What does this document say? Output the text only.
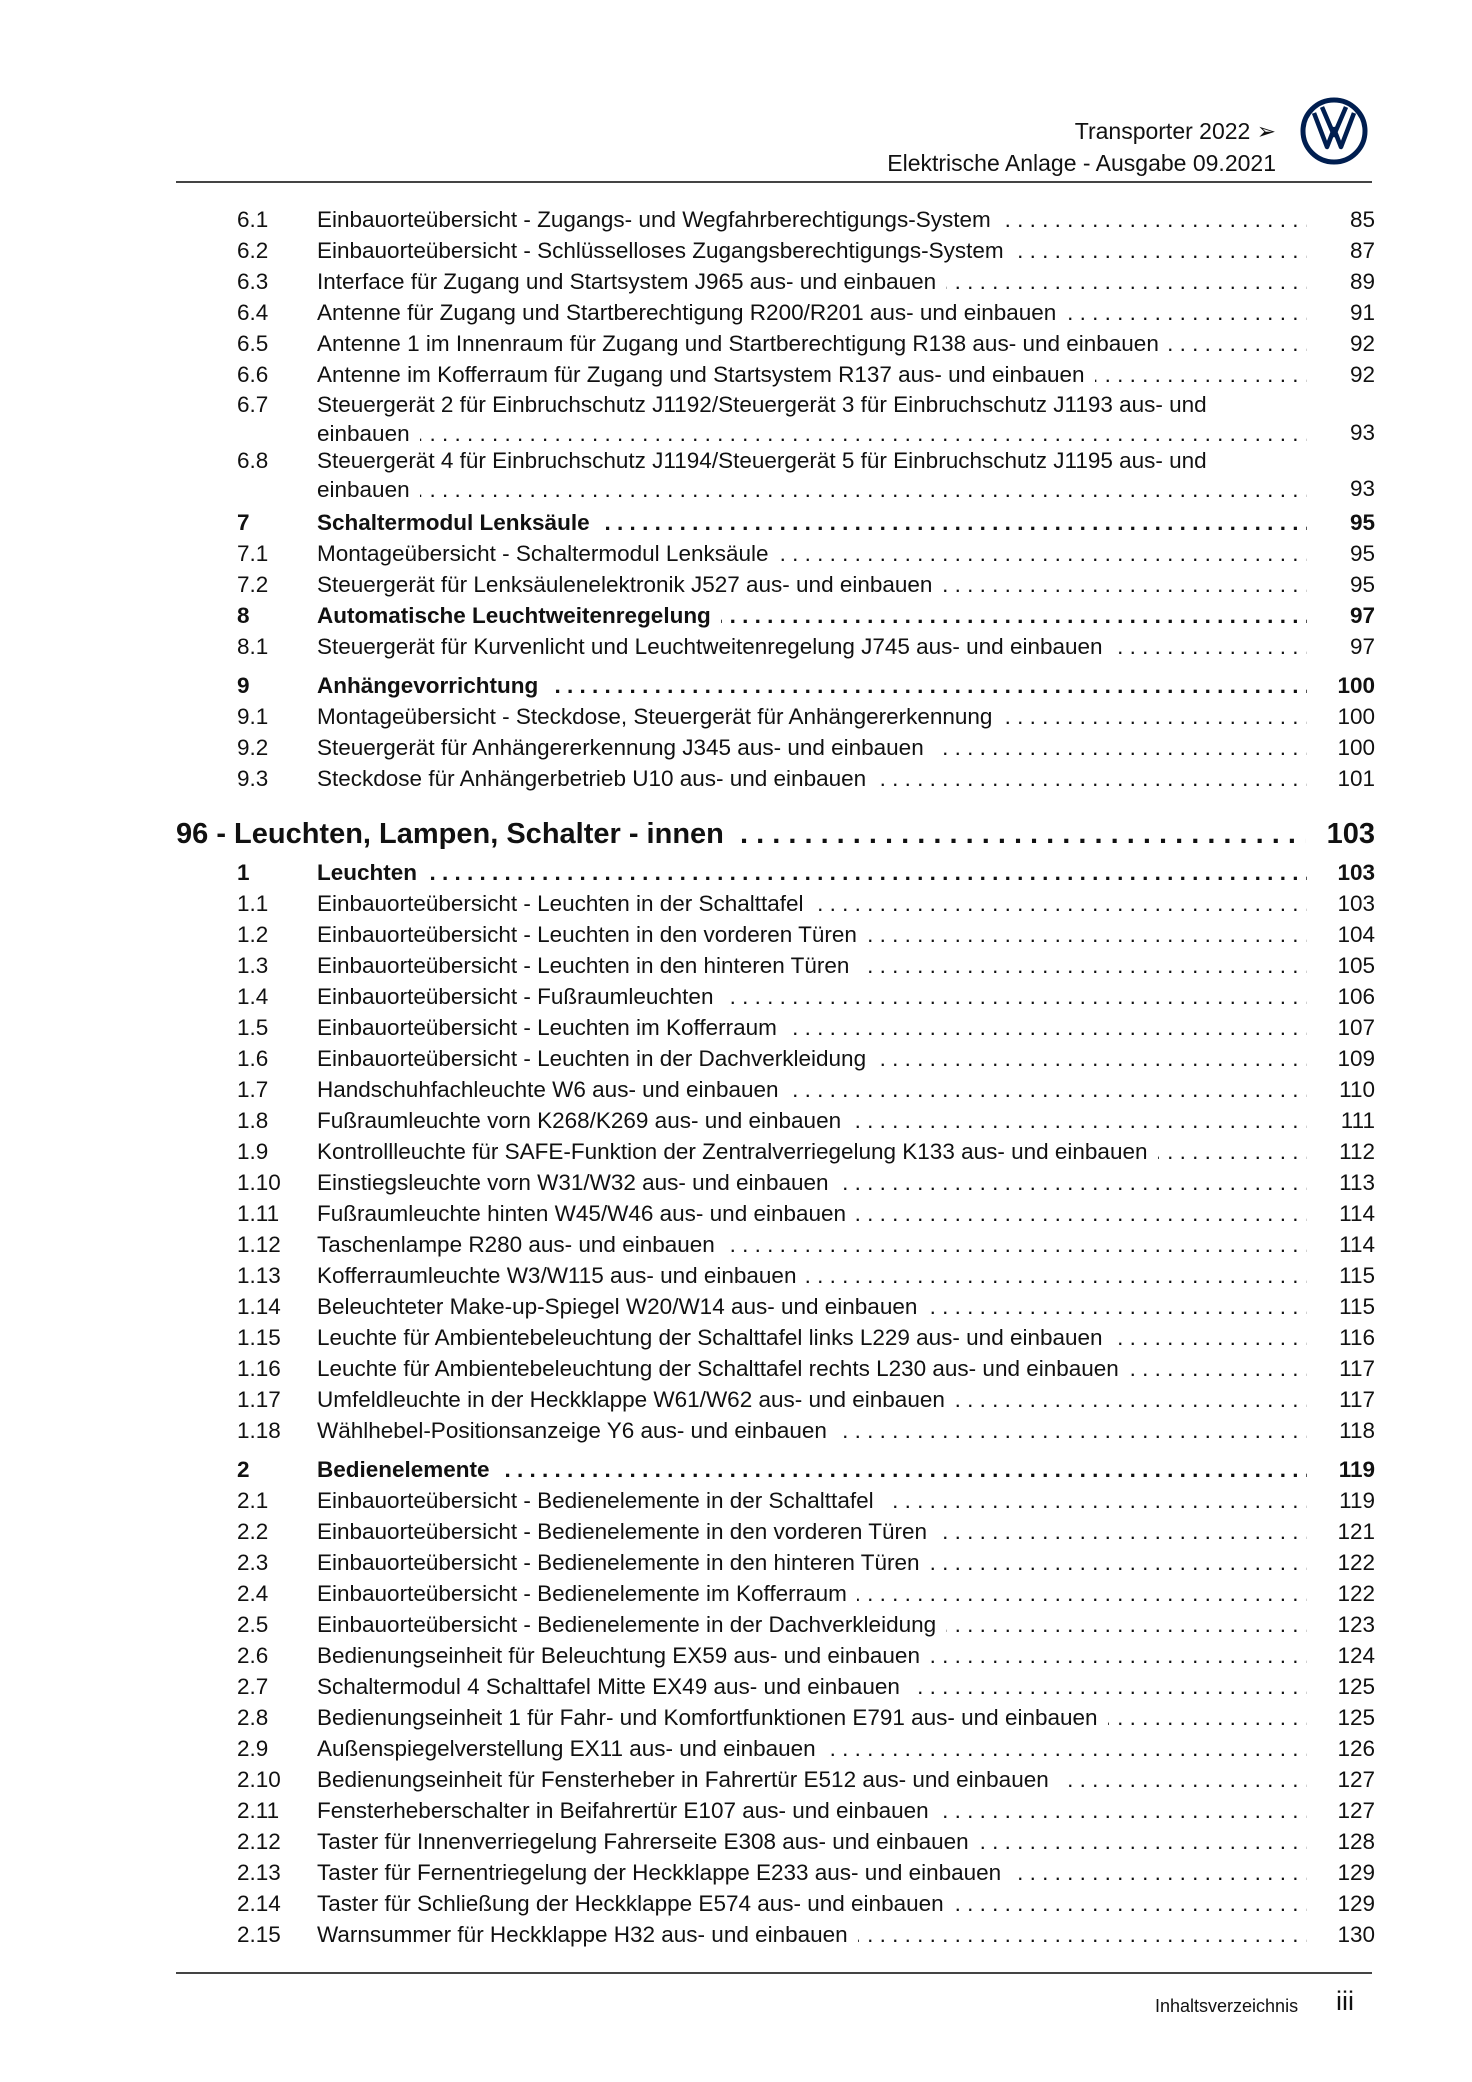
Transporter 2022 ➢
Elektrische Anlage - Ausgabe 09.2021
6.1 Einbauorteübersicht - Zugangs- und Wegfahrberechtigungs-System . . .	85
6.2 Einbauorteübersicht - Schlüsselloses Zugangsberechtigungs-System . . .	87
6.3 Interface für Zugang und Startsystem J965 aus- und einbauen . . .	89
6.4 Antenne für Zugang und Startberechtigung R200/R201 aus- und einbauen . . .	91
6.5 Antenne 1 im Innenraum für Zugang und Startberechtigung R138 aus- und einbauen . . .	92
6.6 Antenne im Kofferraum für Zugang und Startsystem R137 aus- und einbauen . . .	92
6.7 Steuergerät 2 für Einbruchschutz J1192/Steuergerät 3 für Einbruchschutz J1193 aus- und
einbauen . . .	93
6.8 Steuergerät 4 für Einbruchschutz J1194/Steuergerät 5 für Einbruchschutz J1195 aus- und
einbauen . . .	93
7	Schaltermodul Lenksäule . . .	95
7.1 Montageübersicht - Schaltermodul Lenksäule . . .	95
7.2 Steuergerät für Lenksäulenelektronik J527 aus- und einbauen . . .	95
8	Automatische Leuchtweitenregelung . . .	97
8.1 Steuergerät für Kurvenlicht und Leuchtweitenregelung J745 aus- und einbauen . . .	97
9	Anhängevorrichtung . . .	100
9.1 Montageübersicht - Steckdose, Steuergerät für Anhängererkennung . . .	100
9.2 Steuergerät für Anhängererkennung J345 aus- und einbauen . . .	100
9.3 Steckdose für Anhängerbetrieb U10 aus- und einbauen . . .	101
96 - Leuchten, Lampen, Schalter - innen . . .	103
1	Leuchten . . .	103
1.1 Einbauorteübersicht - Leuchten in der Schalttafel . . .	103
1.2 Einbauorteübersicht - Leuchten in den vorderen Türen . . .	104
1.3 Einbauorteübersicht - Leuchten in den hinteren Türen . . .	105
1.4 Einbauorteübersicht - Fußraumleuchten . . .	106
1.5 Einbauorteübersicht - Leuchten im Kofferraum . . .	107
1.6 Einbauorteübersicht - Leuchten in der Dachverkleidung . . .	109
1.7 Handschuhfachleuchte W6 aus- und einbauen . . .	110
1.8 Fußraumleuchte vorn K268/K269 aus- und einbauen . . .	111
1.9 Kontrollleuchte für SAFE-Funktion der Zentralverriegelung K133 aus- und einbauen . . .	112
1.10 Einstiegsleuchte vorn W31/W32 aus- und einbauen . . .	113
1.11 Fußraumleuchte hinten W45/W46 aus- und einbauen . . .	114
1.12 Taschenlampe R280 aus- und einbauen . . .	114
1.13 Kofferraumleuchte W3/W115 aus- und einbauen . . .	115
1.14 Beleuchteter Make-up-Spiegel W20/W14 aus- und einbauen . . .	115
1.15 Leuchte für Ambientebeleuchtung der Schalttafel links L229 aus- und einbauen . . .	116
1.16 Leuchte für Ambientebeleuchtung der Schalttafel rechts L230 aus- und einbauen . . .	117
1.17 Umfeldleuchte in der Heckklappe W61/W62 aus- und einbauen . . .	117
1.18 Wählhebel-Positionsanzeige Y6 aus- und einbauen . . .	118
2	Bedienelemente . . .	119
2.1 Einbauorteübersicht - Bedienelemente in der Schalttafel . . .	119
2.2 Einbauorteübersicht - Bedienelemente in den vorderen Türen . . .	121
2.3 Einbauorteübersicht - Bedienelemente in den hinteren Türen . . .	122
2.4 Einbauorteübersicht - Bedienelemente im Kofferraum . . .	122
2.5 Einbauorteübersicht - Bedienelemente in der Dachverkleidung . . .	123
2.6 Bedienungseinheit für Beleuchtung EX59 aus- und einbauen . . .	124
2.7 Schaltermodul 4 Schalttafel Mitte EX49 aus- und einbauen . . .	125
2.8 Bedienungseinheit 1 für Fahr- und Komfortfunktionen E791 aus- und einbauen . . .	125
2.9 Außenspiegelverstellung EX11 aus- und einbauen . . .	126
2.10 Bedienungseinheit für Fensterheber in Fahrertür E512 aus- und einbauen . . .	127
2.11 Fensterheberschalter in Beifahrertür E107 aus- und einbauen . . .	127
2.12 Taster für Innenverriegelung Fahrerseite E308 aus- und einbauen . . .	128
2.13 Taster für Fernentriegelung der Heckklappe E233 aus- und einbauen . . .	129
2.14 Taster für Schließung der Heckklappe E574 aus- und einbauen . . .	129
2.15 Warnsummer für Heckklappe H32 aus- und einbauen . . .	130
Inhaltsverzeichnis iii
